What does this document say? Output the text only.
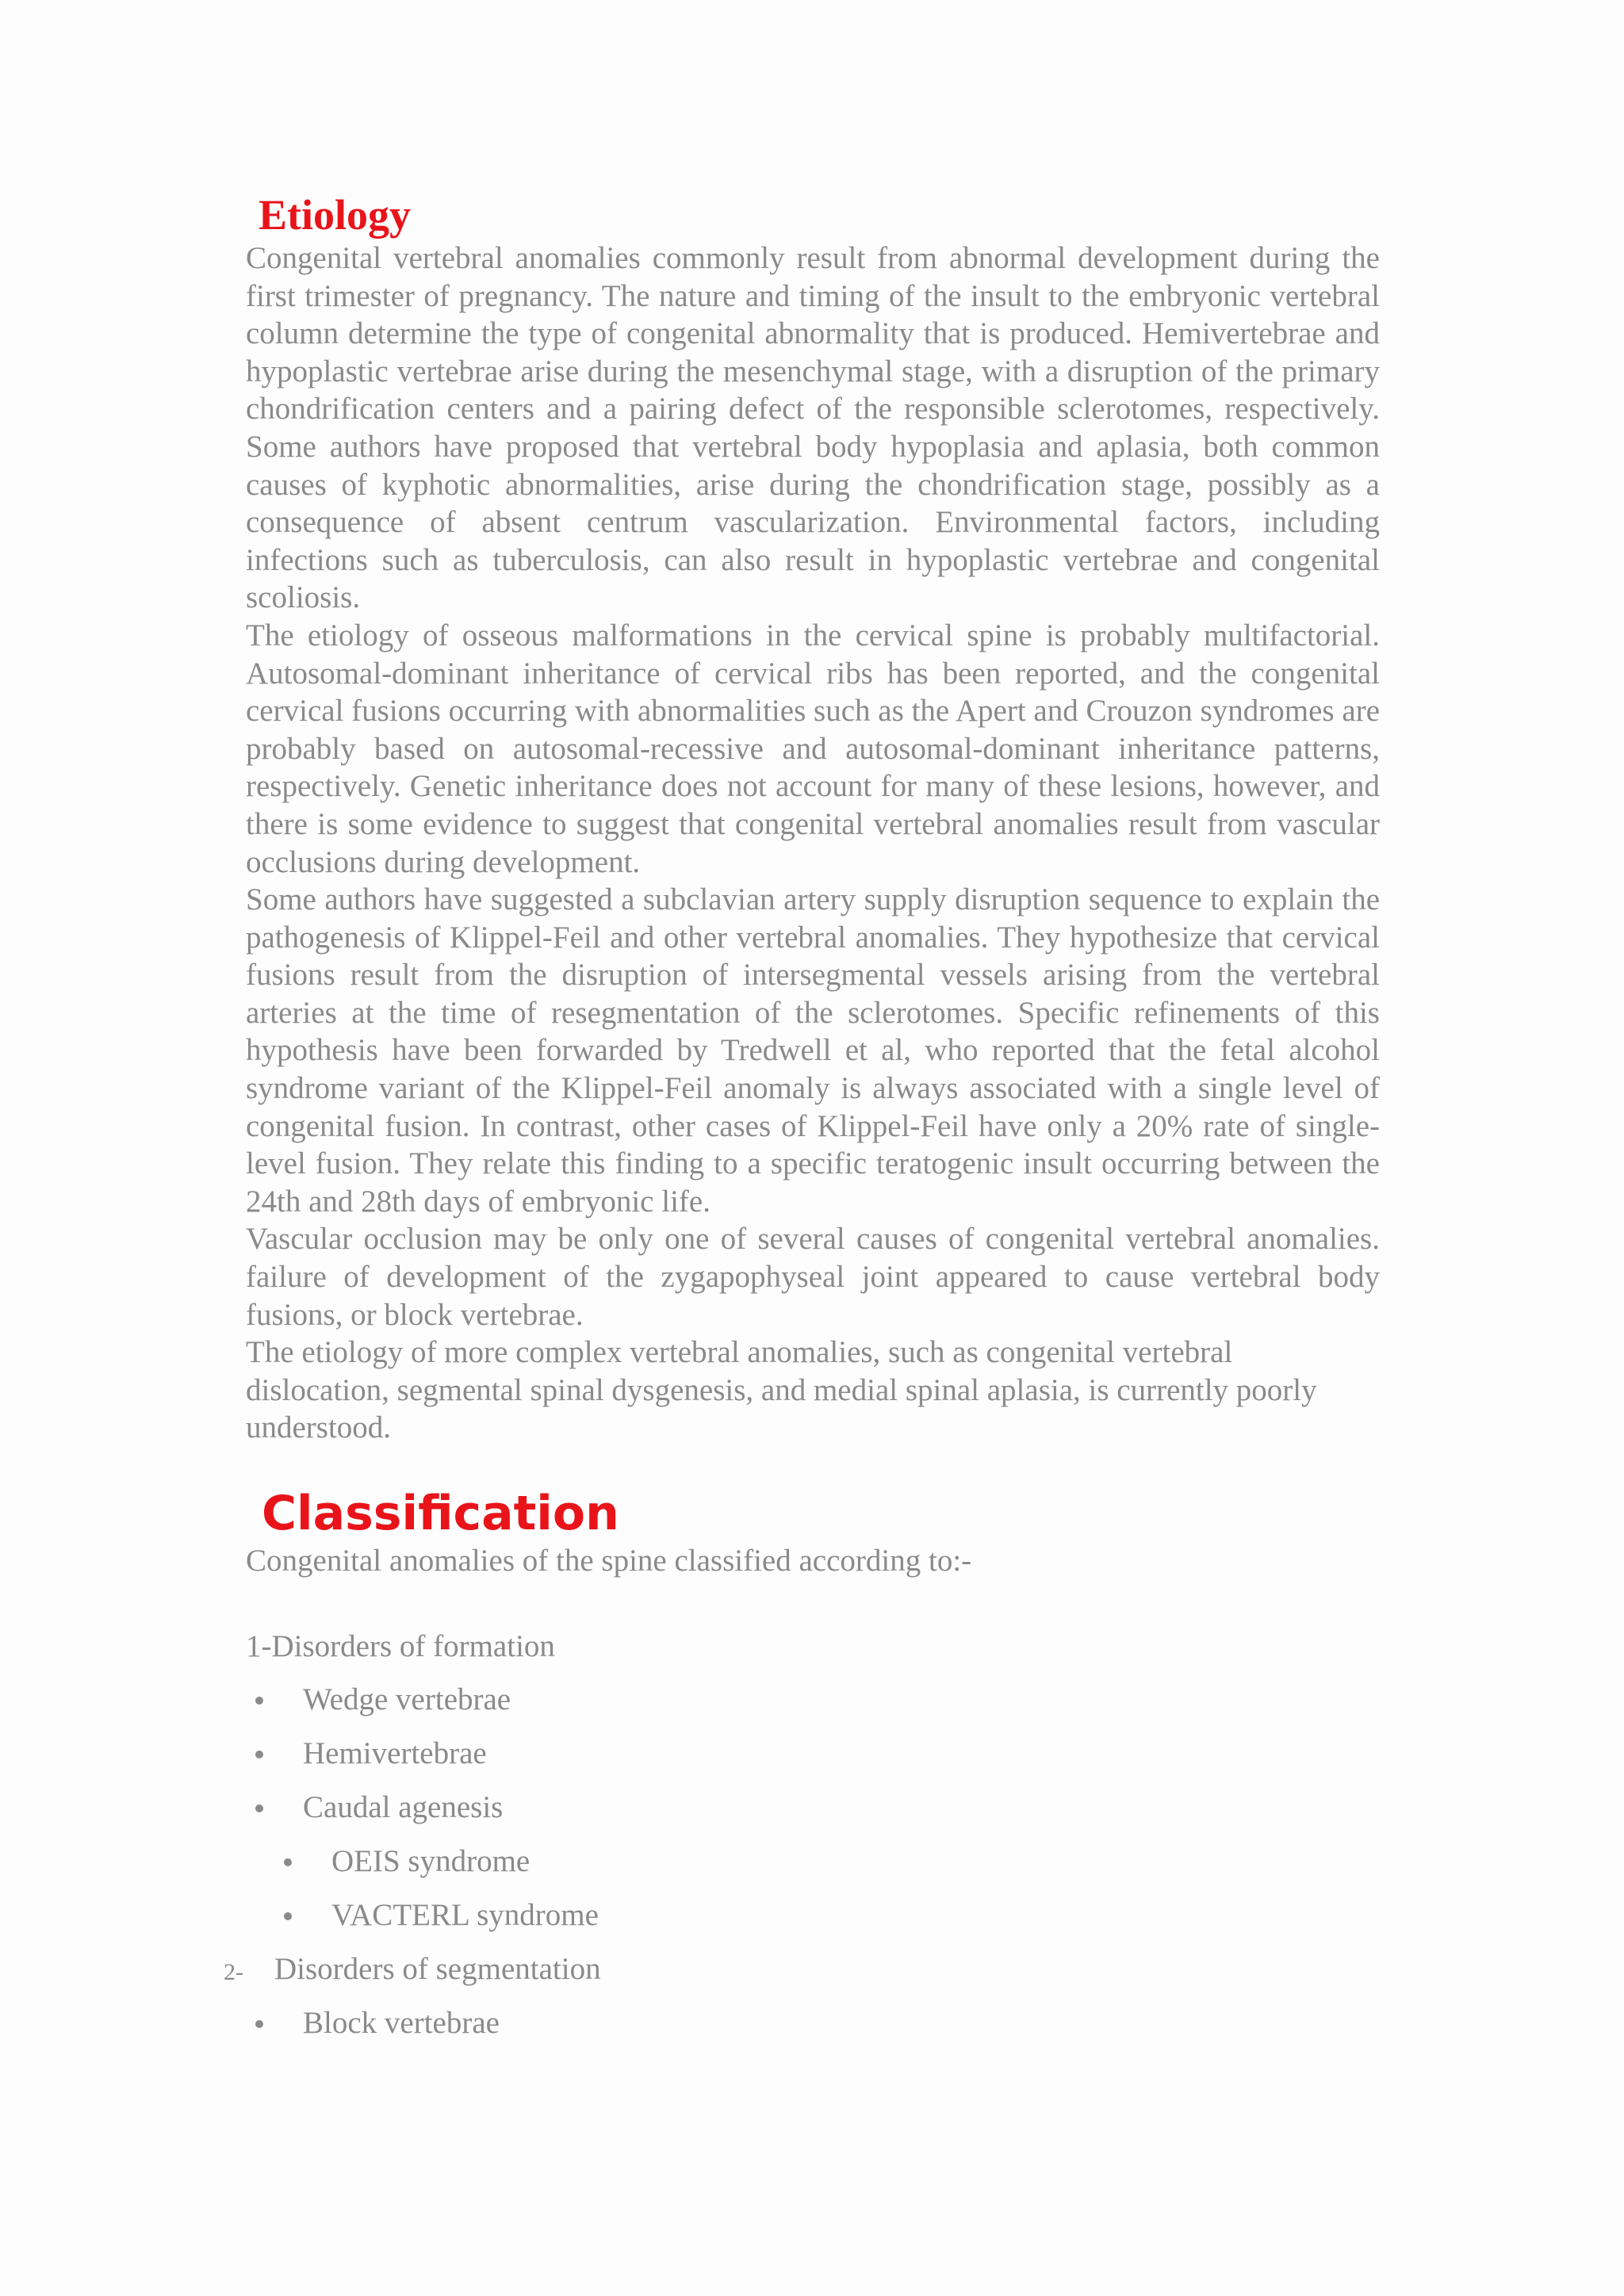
Etiology

Congenital vertebral anomalies commonly result from abnormal development during the first trimester of pregnancy. The nature and timing of the insult to the embryonic vertebral column determine the type of congenital abnormality that is produced. Hemivertebrae and hypoplastic vertebrae arise during the mesenchymal stage, with a disruption of the primary chondrification centers and a pairing defect of the responsible sclerotomes, respectively. Some authors have proposed that vertebral body hypoplasia and aplasia, both common causes of kyphotic abnormalities, arise during the chondrification stage, possibly as a consequence of absent centrum vascularization. Environmental factors, including infections such as tuberculosis, can also result in hypoplastic vertebrae and congenital scoliosis.

The etiology of osseous malformations in the cervical spine is probably multifactorial. Autosomal-dominant inheritance of cervical ribs has been reported, and the congenital cervical fusions occurring with abnormalities such as the Apert and Crouzon syndromes are probably based on autosomal-recessive and autosomal-dominant inheritance patterns, respectively. Genetic inheritance does not account for many of these lesions, however, and there is some evidence to suggest that congenital vertebral anomalies result from vascular occlusions during development.

Some authors have suggested a subclavian artery supply disruption sequence to explain the pathogenesis of Klippel-Feil and other vertebral anomalies. They hypothesize that cervical fusions result from the disruption of intersegmental vessels arising from the vertebral arteries at the time of resegmentation of the sclerotomes. Specific refinements of this hypothesis have been forwarded by Tredwell et al, who reported that the fetal alcohol syndrome variant of the Klippel-Feil anomaly is always associated with a single level of congenital fusion. In contrast, other cases of Klippel-Feil have only a 20% rate of single-level fusion. They relate this finding to a specific teratogenic insult occurring between the 24th and 28th days of embryonic life.

Vascular occlusion may be only one of several causes of congenital vertebral anomalies. failure of development of the zygapophyseal joint appeared to cause vertebral body fusions, or block vertebrae.

The etiology of more complex vertebral anomalies, such as congenital vertebral dislocation, segmental spinal dysgenesis, and medial spinal aplasia, is currently poorly understood.

Classification

Congenital anomalies of the spine classified according to:-

1-Disorders of formation

Wedge vertebrae
Hemivertebrae
Caudal agenesis
OEIS syndrome
VACTERL syndrome
2- Disorders of segmentation
Block vertebrae
